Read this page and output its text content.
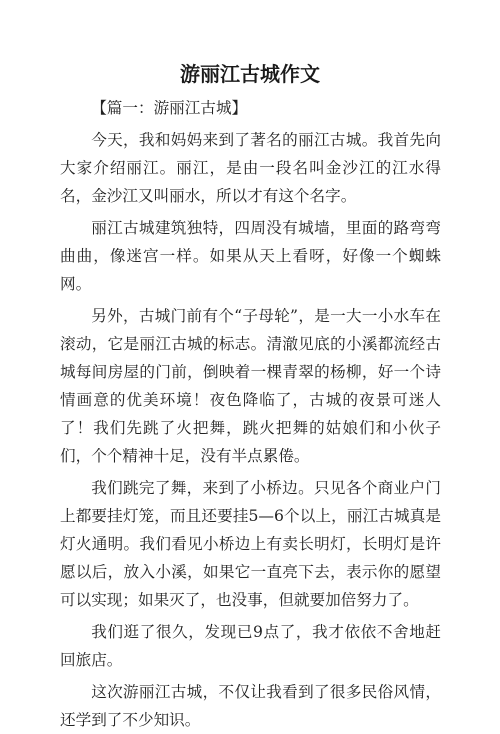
游丽江古城作文

【篇一：游丽江古城】

今天，我和妈妈来到了著名的丽江古城。我首先向大家介绍丽江。丽江，是由一段名叫金沙江的江水得名，金沙江又叫丽水，所以才有这个名字。

丽江古城建筑独特，四周没有城墙，里面的路弯弯曲曲，像迷宫一样。如果从天上看呀，好像一个蜘蛛网。

另外，古城门前有个“子母轮”，是一大一小水车在滚动，它是丽江古城的标志。清澈见底的小溪都流经古城每间房屋的门前，倒映着一棵青翠的杨柳，好一个诗情画意的优美环境！夜色降临了，古城的夜景可迷人了！我们先跳了火把舞，跳火把舞的姑娘们和小伙子们，个个精神十足，没有半点累倦。

我们跳完了舞，来到了小桥边。只见各个商业户门上都要挂灯笼，而且还要挂5—6个以上，丽江古城真是灯火通明。我们看见小桥边上有卖长明灯，长明灯是许愿以后，放入小溪，如果它一直亮下去，表示你的愿望可以实现；如果灭了，也没事，但就要加倍努力了。

我们逛了很久，发现已9点了，我才依依不舍地赶回旅店。

这次游丽江古城，不仅让我看到了很多民俗风情，还学到了不少知识。
